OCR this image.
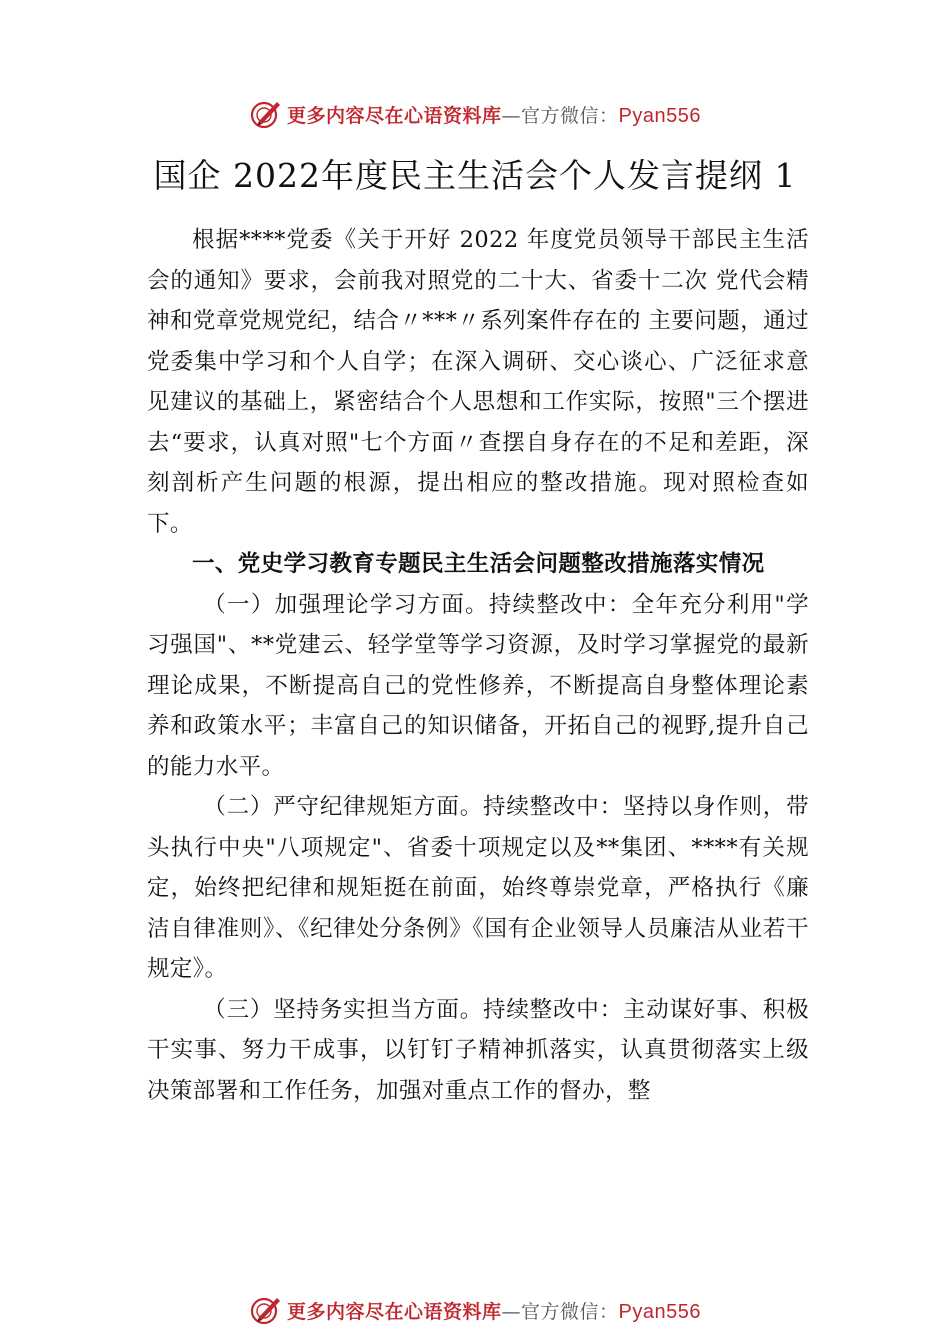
更多内容尽在心语资料库—官方微信：Pyan556
国企 2022年度民主生活会个人发言提纲 1

根据****党委《关于开好 2022 年度党员领导干部民主生活会的通知》要求，会前我对照党的二十大、省委十二次 党代会精神和党章党规党纪，结合〃***〃系列案件存在的 主要问题，通过党委集中学习和个人自学；在深入调研、交心谈心、广泛征求意见建议的基础上，紧密结合个人思想和工作实际，按照"三个摆进去“要求，认真对照"七个方面〃查摆自身存在的不足和差距，深刻剖析产生问题的根源，提出相应的整改措施。现对照检查如下。

一、党史学习教育专题民主生活会问题整改措施落实情况

（一）加强理论学习方面。持续整改中：全年充分利用"学习强国"、**党建云、轻学堂等学习资源，及时学习掌握党的最新理论成果，不断提高自己的党性修养，不断提高自身整体理论素养和政策水平；丰富自己的知识储备，开拓自己的视野,提升自己的能力水平。

（二）严守纪律规矩方面。持续整改中：坚持以身作则，带头执行中央"八项规定"、省委十项规定以及**集团、****有关规定，始终把纪律和规矩挺在前面，始终尊崇党章，严格执行《廉洁自律准则》、《纪律处分条例》《国有企业领导人员廉洁从业若干规定》。

（三）坚持务实担当方面。持续整改中：主动谋好事、积极干实事、努力干成事，以钉钉子精神抓落实，认真贯彻落实上级决策部署和工作任务，加强对重点工作的督办，整

更多内容尽在心语资料库—官方微信：Pyan556
